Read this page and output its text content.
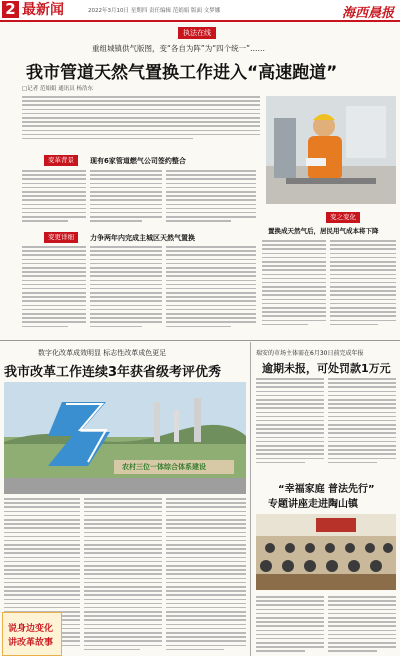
2 最新闻	2022年3月10日 星期四 责任编辑 范娟娟 版面 文梦娜	海西晨报
执法在线
重组城镇供气版图，变“各自为阵”为“四个统一”……
我市管道天然气置换工作进入“高速跑道”
□记者 范娟娟 通讯员 杨浩东
变革背景	现有6家管道燃气公司签约整合
变更详细	力争两年内完成主城区天然气置换
变之变化
置换成天然气后，居民用气成本将下降
数字化改革成效明显 标志性改革成色更足
我市改革工作连续3年获省级考评优秀
农村三位一体综合体系建设
说身边变化
讲改革故事
瑞安的市场主体需在6月30日前完成年报
逾期未报，可处罚款1万元
“幸福家庭 普法先行”
专题讲座走进陶山镇
